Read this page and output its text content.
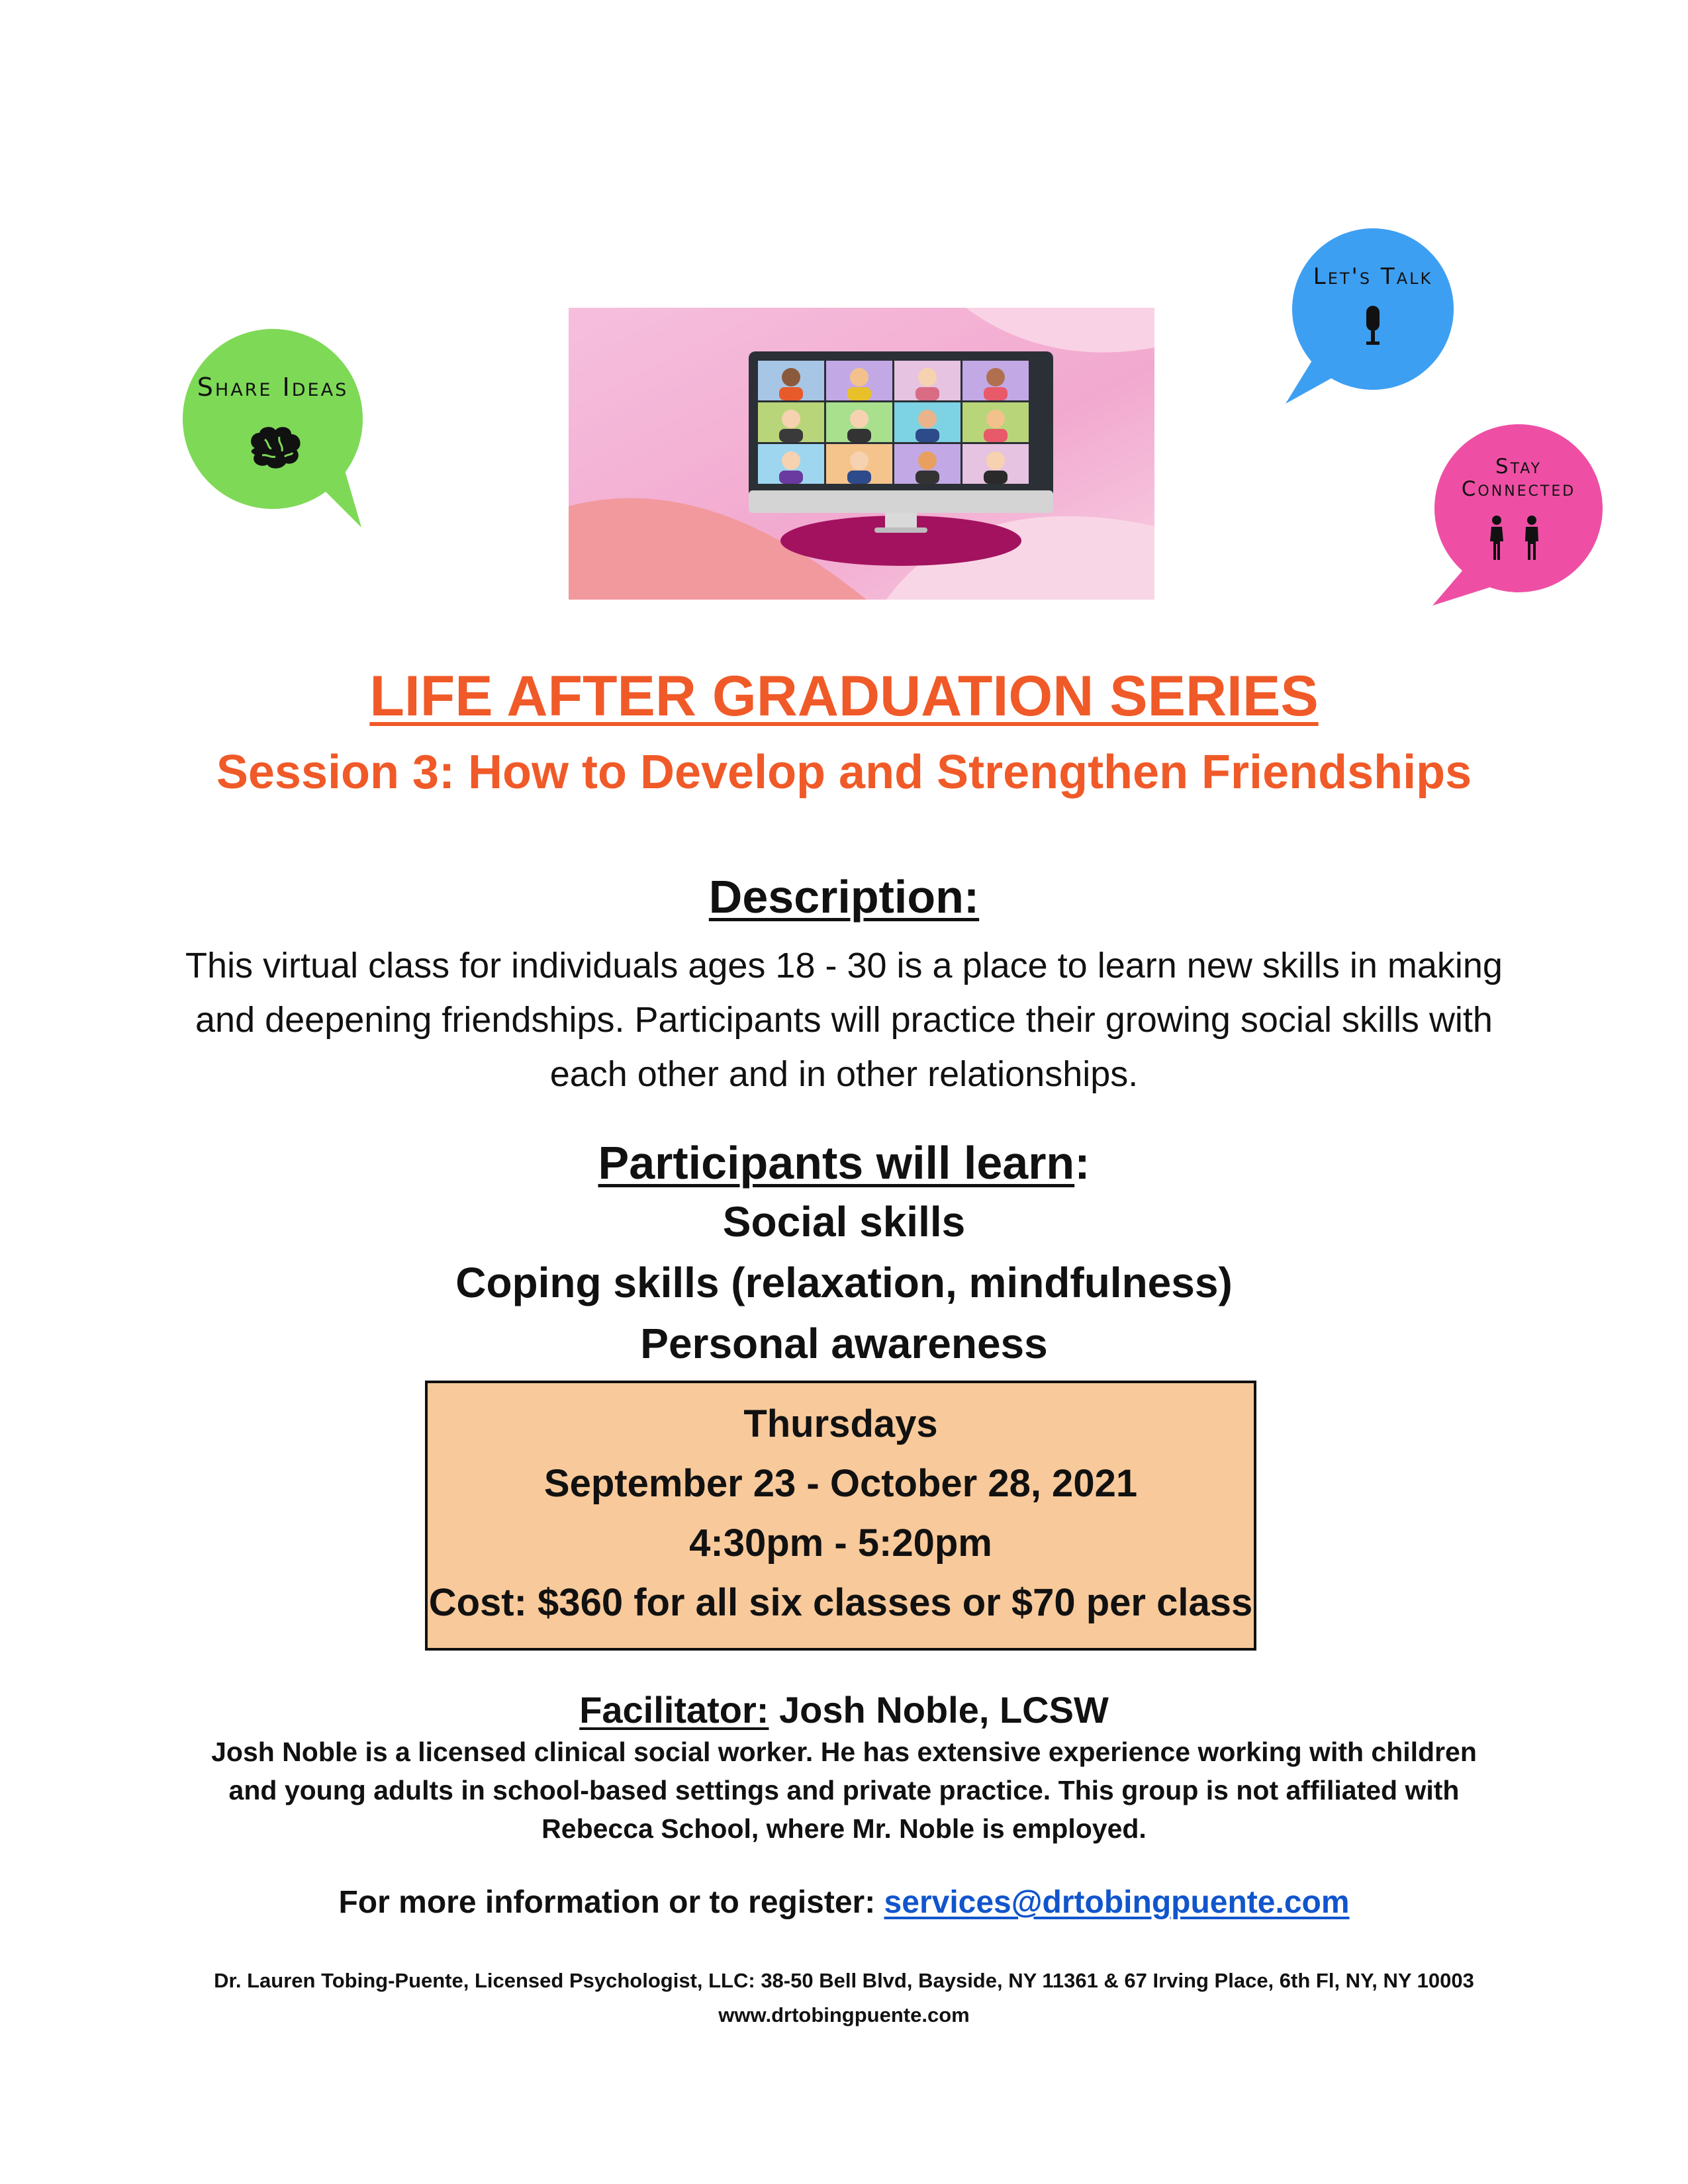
Share Ideas
Let's Talk
Stay
Connected
LIFE AFTER GRADUATION SERIES
Session 3: How to Develop and Strengthen Friendships
Description:
This virtual class for individuals ages 18 - 30 is a place to learn new skills in making and deepening friendships. Participants will practice their growing social skills with each other and in other relationships.
Participants will learn:
Social skills
Coping skills (relaxation, mindfulness)
Personal awareness
Thursdays
September 23 - October 28, 2021
4:30pm - 5:20pm
Cost: $360 for all six classes or $70 per class
Facilitator: Josh Noble, LCSW
Josh Noble is a licensed clinical social worker. He has extensive experience working with children and young adults in school-based settings and private practice. This group is not affiliated with Rebecca School, where Mr. Noble is employed.
For more information or to register: services@drtobingpuente.com
Dr. Lauren Tobing-Puente, Licensed Psychologist, LLC: 38-50 Bell Blvd, Bayside, NY 11361 & 67 Irving Place, 6th Fl, NY, NY 10003
www.drtobingpuente.com
